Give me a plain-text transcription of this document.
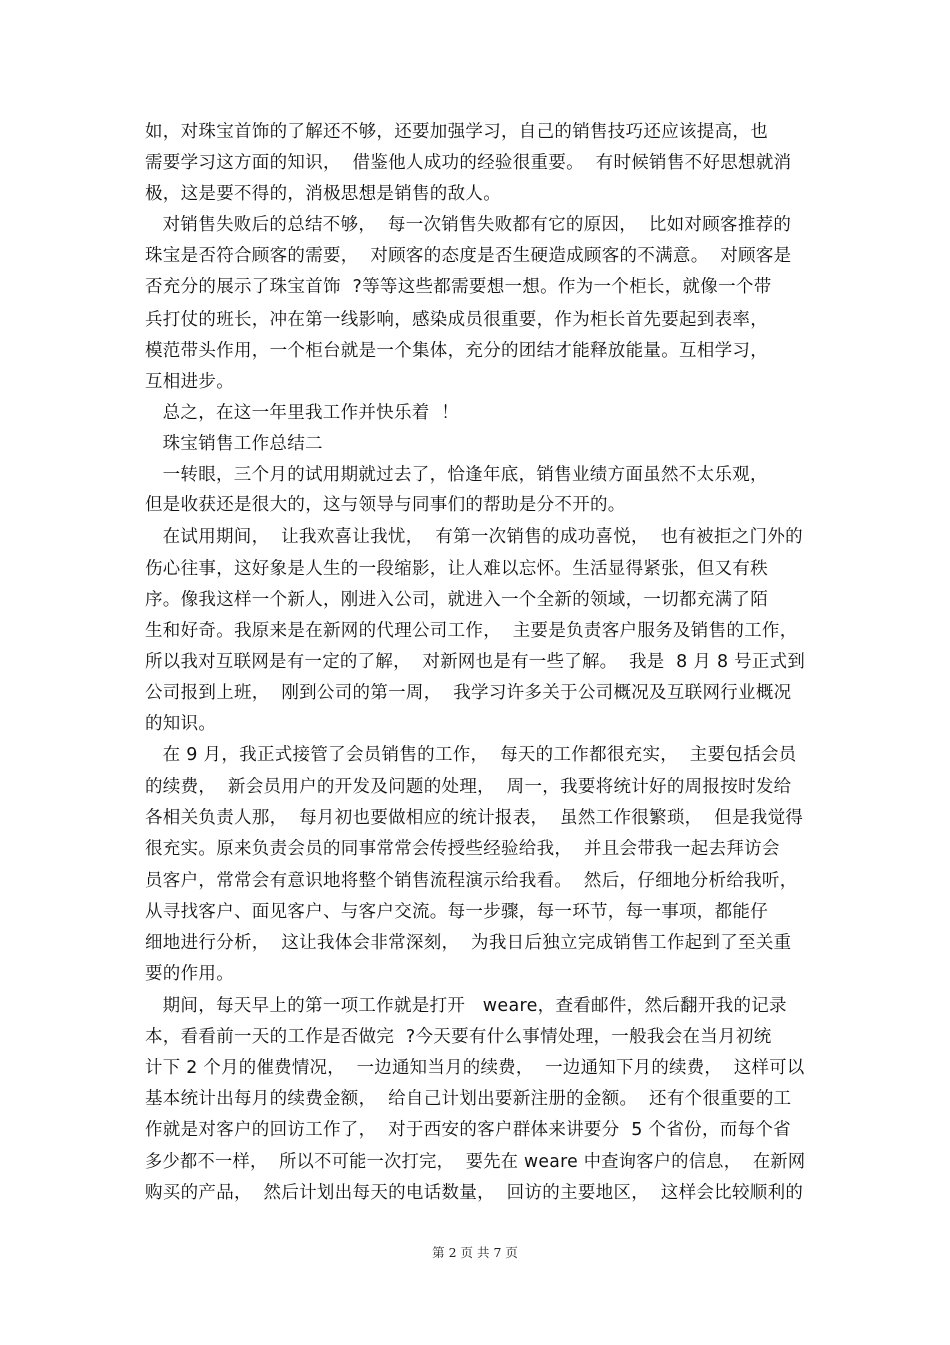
如，对珠宝首饰的了解还不够，还要加强学习，自己的销售技巧还应该提高，也
需要学习这方面的知识，  借鉴他人成功的经验很重要。  有时候销售不好思想就消
极，这是要不得的，消极思想是销售的敌人。
对销售失败后的总结不够，  每一次销售失败都有它的原因，  比如对顾客推荐的
珠宝是否符合顾客的需要，  对顾客的态度是否生硬造成顾客的不满意。  对顾客是
否充分的展示了珠宝首饰  ?等等这些都需要想一想。作为一个柜长，就像一个带
兵打仗的班长，冲在第一线影响，感染成员很重要，作为柜长首先要起到表率，
模范带头作用，一个柜台就是一个集体，充分的团结才能释放能量。互相学习，
互相进步。
总之，在这一年里我工作并快乐着  ！
珠宝销售工作总结二
一转眼，三个月的试用期就过去了，恰逢年底，销售业绩方面虽然不太乐观，
但是收获还是很大的，这与领导与同事们的帮助是分不开的。
在试用期间，  让我欢喜让我忧，  有第一次销售的成功喜悦，  也有被拒之门外的
伤心往事，这好象是人生的一段缩影，让人难以忘怀。生活显得紧张，但又有秩
序。像我这样一个新人，刚进入公司，就进入一个全新的领域，一切都充满了陌
生和好奇。我原来是在新网的代理公司工作，  主要是负责客户服务及销售的工作，
所以我对互联网是有一定的了解，  对新网也是有一些了解。  我是  8 月 8 号正式到
公司报到上班，  刚到公司的第一周，  我学习许多关于公司概况及互联网行业概况
的知识。
在 9 月，我正式接管了会员销售的工作，  每天的工作都很充实，  主要包括会员
的续费，  新会员用户的开发及问题的处理，  周一，我要将统计好的周报按时发给
各相关负责人那，  每月初也要做相应的统计报表，  虽然工作很繁琐，  但是我觉得
很充实。原来负责会员的同事常常会传授些经验给我，  并且会带我一起去拜访会
员客户，常常会有意识地将整个销售流程演示给我看。  然后，仔细地分析给我听，
从寻找客户、面见客户、与客户交流。每一步骤，每一环节，每一事项，都能仔
细地进行分析，  这让我体会非常深刻，  为我日后独立完成销售工作起到了至关重
要的作用。
期间，每天早上的第一项工作就是打开   weare，查看邮件，然后翻开我的记录
本，看看前一天的工作是否做完  ?今天要有什么事情处理，一般我会在当月初统
计下 2 个月的催费情况，  一边通知当月的续费，  一边通知下月的续费，  这样可以
基本统计出每月的续费金额，  给自己计划出要新注册的金额。  还有个很重要的工
作就是对客户的回访工作了，  对于西安的客户群体来讲要分  5 个省份，而每个省
多少都不一样，  所以不可能一次打完，  要先在 weare 中查询客户的信息，  在新网
购买的产品，  然后计划出每天的电话数量，  回访的主要地区，  这样会比较顺利的
第 2 页 共 7 页
